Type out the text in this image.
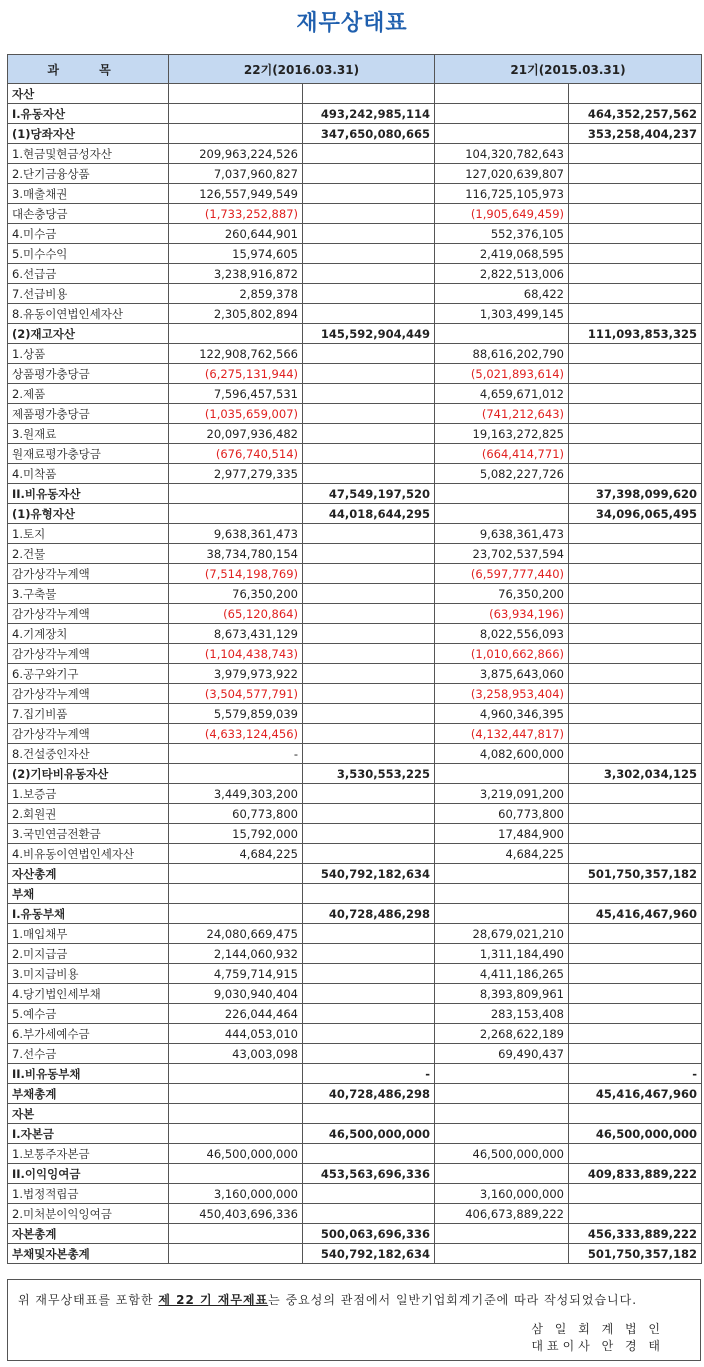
재무상태표
과 목	22기(2016.03.31)		21기(2015.03.31)	
자산				
I.유동자산		493,242,985,114		464,352,257,562
(1)당좌자산		347,650,080,665		353,258,404,237
1.현금및현금성자산	209,963,224,526		104,320,782,643	
2.단기금융상품	7,037,960,827		127,020,639,807	
3.매출채권	126,557,949,549		116,725,105,973	
대손충당금	(1,733,252,887)		(1,905,649,459)	
4.미수금	260,644,901		552,376,105	
5.미수수익	15,974,605		2,419,068,595	
6.선급금	3,238,916,872		2,822,513,006	
7.선급비용	2,859,378		68,422	
8.유동이연법인세자산	2,305,802,894		1,303,499,145	
(2)재고자산		145,592,904,449		111,093,853,325
1.상품	122,908,762,566		88,616,202,790	
상품평가충당금	(6,275,131,944)		(5,021,893,614)	
2.제품	7,596,457,531		4,659,671,012	
제품평가충당금	(1,035,659,007)		(741,212,643)	
3.원재료	20,097,936,482		19,163,272,825	
원재료평가충당금	(676,740,514)		(664,414,771)	
4.미착품	2,977,279,335		5,082,227,726	
II.비유동자산		47,549,197,520		37,398,099,620
(1)유형자산		44,018,644,295		34,096,065,495
1.토지	9,638,361,473		9,638,361,473	
2.건물	38,734,780,154		23,702,537,594	
감가상각누계액	(7,514,198,769)		(6,597,777,440)	
3.구축물	76,350,200		76,350,200	
감가상각누계액	(65,120,864)		(63,934,196)	
4.기계장치	8,673,431,129		8,022,556,093	
감가상각누계액	(1,104,438,743)		(1,010,662,866)	
6.공구와기구	3,979,973,922		3,875,643,060	
감가상각누계액	(3,504,577,791)		(3,258,953,404)	
7.집기비품	5,579,859,039		4,960,346,395	
감가상각누계액	(4,633,124,456)		(4,132,447,817)	
8.건설중인자산	-		4,082,600,000	
(2)기타비유동자산		3,530,553,225		3,302,034,125
1.보증금	3,449,303,200		3,219,091,200	
2.회원권	60,773,800		60,773,800	
3.국민연금전환금	15,792,000		17,484,900	
4.비유동이연법인세자산	4,684,225		4,684,225	
자산총계		540,792,182,634		501,750,357,182
부채				
I.유동부채		40,728,486,298		45,416,467,960
1.매입채무	24,080,669,475		28,679,021,210	
2.미지급금	2,144,060,932		1,311,184,490	
3.미지급비용	4,759,714,915		4,411,186,265	
4.당기법인세부채	9,030,940,404		8,393,809,961	
5.예수금	226,044,464		283,153,408	
6.부가세예수금	444,053,010		2,268,622,189	
7.선수금	43,003,098		69,490,437	
II.비유동부채		-		-
부채총계		40,728,486,298		45,416,467,960
자본				
I.자본금		46,500,000,000		46,500,000,000
1.보통주자본금	46,500,000,000		46,500,000,000	
II.이익잉여금		453,563,696,336		409,833,889,222
1.법정적립금	3,160,000,000		3,160,000,000	
2.미처분이익잉여금	450,403,696,336		406,673,889,222	
자본총계		500,063,696,336		456,333,889,222
부채및자본총계		540,792,182,634		501,750,357,182
위 재무상태표를 포함한 제 22 기 재무제표는 중요성의 관점에서 일반기업회계기준에 따라 작성되었습니다.
삼 일 회 계 법 인
대표이사 안 경 태
